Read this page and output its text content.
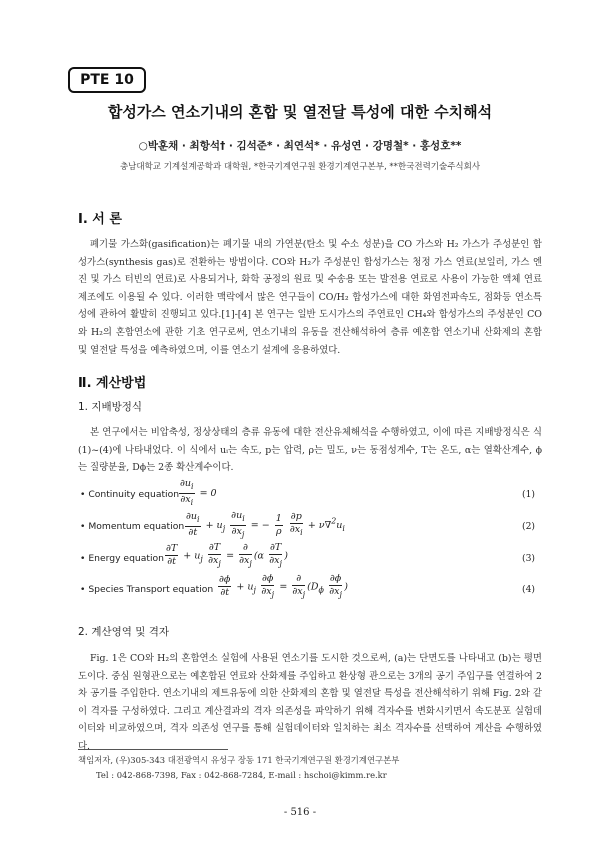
PTE 10
합성가스 연소기내의 혼합 및 열전달 특성에 대한 수치해석
○박훈채 · 최항석† · 김석준* · 최연석* · 유성연 · 강명철* · 홍성호**
충남대학교 기계설계공학과 대학원, *한국기계연구원 환경기계연구본부, **한국전력기술주식회사
Ⅰ. 서 론

폐기물 가스화(gasification)는 폐기물 내의 가연분(탄소 및 수소 성분)을 CO 가스와 H₂ 가스가 주성분인 합성가스(synthesis gas)로 전환하는 방법이다. CO와 H₂가 주성분인 합성가스는 청정 가스 연료(보일러, 가스 엔진 및 가스 터빈의 연료)로 사용되거나, 화학 공정의 원료 및 수송용 또는 발전용 연료로 사용이 가능한 액체 연료 제조에도 이용될 수 있다. 이러한 맥락에서 많은 연구들이 CO/H₂ 합성가스에 대한 화염전파속도, 점화등 연소특성에 관하여 활발히 진행되고 있다.[1]-[4] 본 연구는 일반 도시가스의 주연료인 CH₄와 합성가스의 주성분인 CO와 H₂의 혼합연소에 관한 기초 연구로써, 연소기내의 유동을 전산해석하여 층류 예혼합 연소기내 산화제의 혼합 및 열전달 특성을 예측하였으며, 이를 연소기 설계에 응용하였다.

Ⅱ. 계산방법
1. 지배방정식

본 연구에서는 비압축성, 정상상태의 층류 유동에 대한 전산유체해석을 수행하였고, 이에 따른 지배방정식은 식(1)~(4)에 나타내었다. 이 식에서 uᵢ는 속도, p는 압력, ρ는 밀도, ν는 동점성계수, T는 온도, α는 열확산계수, ϕ는 질량분율, Dϕ는 2종 확산계수이다.

• Continuity equation $\frac{\partial u_i}{\partial x_i} = 0$	(1)
• Momentum equation $\frac{\partial u_i}{\partial t} + u_j \frac{\partial u_i}{\partial x_j}$ = − $\frac{1}{\rho}$
$\frac{\partial p}{\partial x_i} + \nu\nabla^2u_i$	(2)
• Energy equation $\frac{\partial T}{\partial t} + u_j \frac{\partial T}{\partial x_j} = \frac{\partial}{\partial x_j} (\alpha \frac{\partial T}{\partial x_j}$ )	(3)
• Species Transport equation $\frac{\partial\phi}{\partial t} + u_j \frac{\partial\phi}{\partial x_j} = \frac{\partial}{\partial x_j} (D_\phi \frac{\partial\phi}{\partial x_j}$ )	(4)
2. 계산영역 및 격자

Fig. 1은 CO와 H₂의 혼합연소 실험에 사용된 연소기를 도시한 것으로써, (a)는 단면도를 나타내고 (b)는 평면도이다. 중심 원형관으로는 예혼합된 연료와 산화제를 주입하고 환상형 관으로는 3개의 공기 주입구를 연결하여 2차 공기를 주입한다. 연소기내의 제트유동에 의한 산화제의 혼합 및 열전달 특성을 전산해석하기 위해 Fig. 2와 같이 격자를 구성하였다. 그리고 계산결과의 격자 의존성을 파악하기 위해 격자수를 변화시키면서 속도분포 실험데이터와 비교하였으며, 격자 의존성 연구를 통해 실험데이터와 일치하는 최소 격자수를 선택하여 계산을 수행하였다.

책임저자, (우)305-343 대전광역시 유성구 장동 171 한국기계연구원 환경기계연구본부
Tel : 042-868-7398, Fax : 042-868-7284, E-mail : hschoi@kimm.re.kr
- 516 -
